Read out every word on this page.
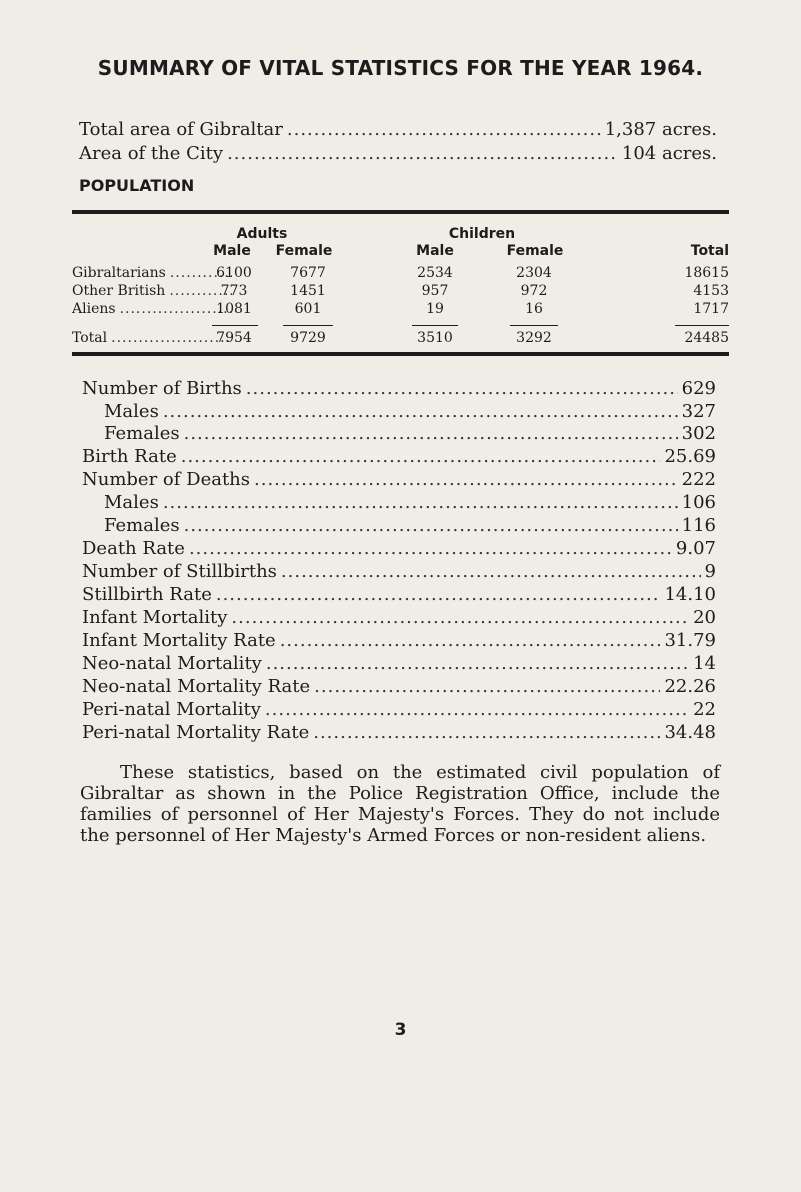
SUMMARY OF VITAL STATISTICS FOR THE YEAR 1964.
Total area of Gibraltar .....	1,387 acres.
Area of the City .....	104 acres.
POPULATION
Adults	Children
Male	Female	Male	Female	Total
Gibraltarians .....	6100	7677	2534	2304	18615
Other British .....	773	1451	957	972	4153
Aliens .....	1081	601	19	16	1717
Total .....	7954	9729	3510	3292	24485
Number of Births .....	629
Males .....	327
Females .....	302
Birth Rate .....	25.69
Number of Deaths .....	222
Males .....	106
Females .....	116
Death Rate .....	9.07
Number of Stillbirths .....	9
Stillbirth Rate .....	14.10
Infant Mortality .....	20
Infant Mortality Rate .....	31.79
Neo-natal Mortality .....	14
Neo-natal Mortality Rate .....	22.26
Peri-natal Mortality .....	22
Peri-natal Mortality Rate .....	34.48
These statistics, based on the estimated civil population of Gibraltar as shown in the Police Registration Office, include the families of personnel of Her Majesty's Forces. They do not include the personnel of Her Majesty's Armed Forces or non-resident aliens.
3
